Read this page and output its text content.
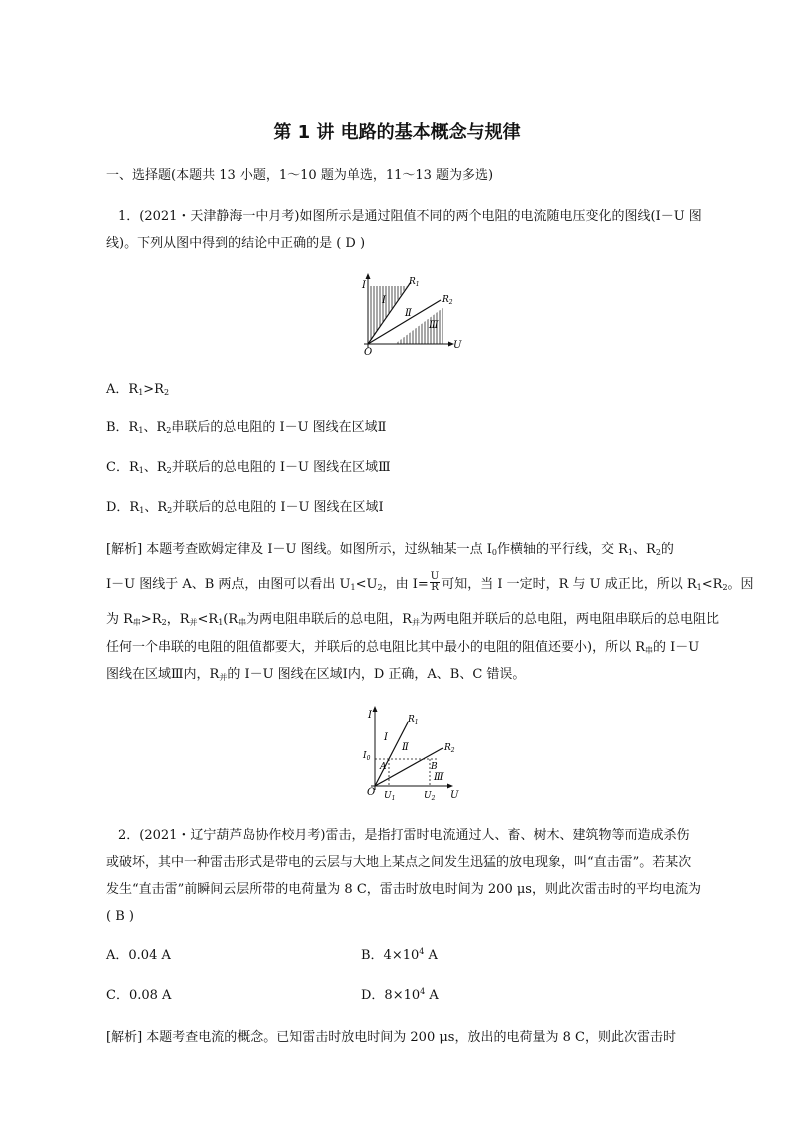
第 1 讲 电路的基本概念与规律
一、选择题(本题共 13 小题，1～10 题为单选，11～13 题为多选)
1．(2021・天津静海一中月考)如图所示是通过阻值不同的两个电阻的电流随电压变化的图线(I－U 图
线)。下列从图中得到的结论中正确的是 ( D )
I
U
O
$R_1$
$R_2$
Ⅰ
Ⅱ
Ⅲ
A．$R_1>R_2$
B．$R_1$、$R_2$串联后的总电阻的 I－U 图线在区域Ⅱ
C．$R_1$、$R_2$并联后的总电阻的 I－U 图线在区域Ⅲ
D．$R_1$、$R_2$并联后的总电阻的 I－U 图线在区域Ⅰ
[解析] 本题考查欧姆定律及 I－U 图线。如图所示，过纵轴某一点 $I_0$作横轴的平行线，交 $R_1$、$R_2$的
I－U 图线于 A、B 两点，由图可以看出 $U_1<U_2$，由 $I= \frac{U}{R}$ 可知，当 I 一定时，R 与 U 成正比，所以 $R_1<R_2$。因
为 $R_串>R_2$，$R_并<R_1(R_串$为两电阻串联后的总电阻，$R_并$为两电阻并联后的总电阻，两电阻串联后的总电阻比
任何一个串联的电阻的阻值都要大，并联后的总电阻比其中最小的电阻的阻值还要小)，所以 $R_串$的 I－U
图线在区域Ⅲ内，$R_并$的 I－U 图线在区域Ⅰ内，D 正确，A、B、C 错误。
I
U
O
$R_1$
$R_2$
$I_0$
A	B
$U_1$	$U_2$
Ⅰ
Ⅱ
Ⅲ
2．(2021・辽宁葫芦岛协作校月考)雷击，是指打雷时电流通过人、畜、树木、建筑物等而造成杀伤
或破坏，其中一种雷击形式是带电的云层与大地上某点之间发生迅猛的放电现象，叫“直击雷”。若某次
发生“直击雷”前瞬间云层所带的电荷量为 8 C，雷击时放电时间为 200 μs，则此次雷击时的平均电流为
( B )
A．0.04 A	B．$4\times 10^4$ A
C．0.08 A	D．$8\times 10^4$ A
[解析] 本题考查电流的概念。已知雷击时放电时间为 200 μs，放出的电荷量为 8 C，则此次雷击时
